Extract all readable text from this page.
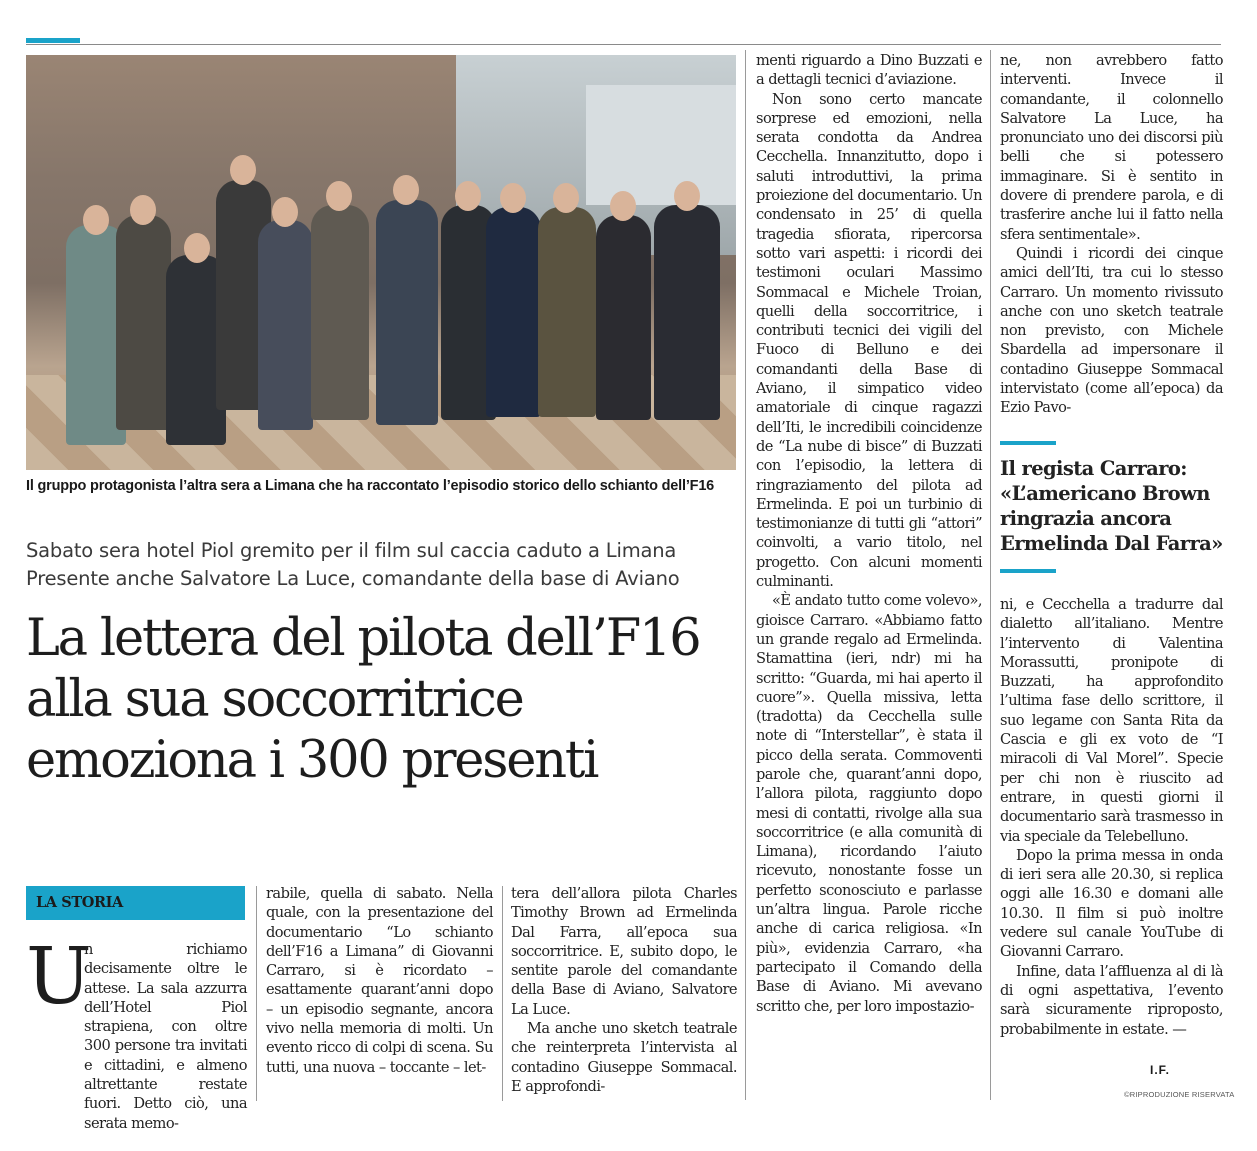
Il gruppo protagonista l’altra sera a Limana che ha raccontato l’episodio storico dello schianto dell’F16
Sabato sera hotel Piol gremito per il film sul caccia caduto a Limana
Presente anche Salvatore La Luce, comandante della base di Aviano
La lettera del pilota dell’F16
alla sua soccorritrice
emoziona i 300 presenti
LA STORIA
U

n richiamo decisamente oltre le attese. La sala azzurra dell’Hotel Piol strapiena, con oltre 300 persone tra invitati e cittadini, e almeno altrettante restate fuori. Detto ciò, una serata memo-

rabile, quella di sabato. Nella quale, con la presentazione del documentario “Lo schianto dell’F16 a Limana” di Giovanni Carraro, si è ricordato – esattamente quarant’anni dopo – un episodio segnante, ancora vivo nella memoria di molti. Un evento ricco di colpi di scena. Su tutti, una nuova – toccante – let-

tera dell’allora pilota Charles Timothy Brown ad Ermelinda Dal Farra, all’epoca sua soccorritrice. E, subito dopo, le sentite parole del comandante della Base di Aviano, Salvatore La Luce.

Ma anche uno sketch teatrale che reinterpreta l’intervista al contadino Giuseppe Sommacal. E approfondi-

menti riguardo a Dino Buzzati e a dettagli tecnici d’aviazione.

Non sono certo mancate sorprese ed emozioni, nella serata condotta da Andrea Cecchella. Innanzitutto, dopo i saluti introduttivi, la prima proiezione del documentario. Un condensato in 25’ di quella tragedia sfiorata, ripercorsa sotto vari aspetti: i ricordi dei testimoni oculari Massimo Sommacal e Michele Troian, quelli della soccorritrice, i contributi tecnici dei vigili del Fuoco di Belluno e dei comandanti della Base di Aviano, il simpatico video amatoriale di cinque ragazzi dell’Iti, le incredibili coincidenze de “La nube di bisce” di Buzzati con l’episodio, la lettera di ringraziamento del pilota ad Ermelinda. E poi un turbinio di testimonianze di tutti gli “attori” coinvolti, a vario titolo, nel progetto. Con alcuni momenti culminanti.

«È andato tutto come volevo», gioisce Carraro. «Abbiamo fatto un grande regalo ad Ermelinda. Stamattina (ieri, ndr) mi ha scritto: “Guarda, mi hai aperto il cuore”». Quella missiva, letta (tradotta) da Cecchella sulle note di “Interstellar”, è stata il picco della serata. Commoventi parole che, quarant’anni dopo, l’allora pilota, raggiunto dopo mesi di contatti, rivolge alla sua soccorritrice (e alla comunità di Limana), ricordando l’aiuto ricevuto, nonostante fosse un perfetto sconosciuto e parlasse un’altra lingua. Parole ricche anche di carica religiosa. «In più», evidenzia Carraro, «ha partecipato il Comando della Base di Aviano. Mi avevano scritto che, per loro impostazio-

ne, non avrebbero fatto interventi. Invece il comandante, il colonnello Salvatore La Luce, ha pronunciato uno dei discorsi più belli che si potessero immaginare. Si è sentito in dovere di prendere parola, e di trasferire anche lui il fatto nella sfera sentimentale».

Quindi i ricordi dei cinque amici dell’Iti, tra cui lo stesso Carraro. Un momento rivissuto anche con uno sketch teatrale non previsto, con Michele Sbardella ad impersonare il contadino Giuseppe Sommacal intervistato (come all’epoca) da Ezio Pavo-

Il regista Carraro: «L’americano Brown ringrazia ancora Ermelinda Dal Farra»

ni, e Cecchella a tradurre dal dialetto all’italiano. Mentre l’intervento di Valentina Morassutti, pronipote di Buzzati, ha approfondito l’ultima fase dello scrittore, il suo legame con Santa Rita da Cascia e gli ex voto de “I miracoli di Val Morel”. Specie per chi non è riuscito ad entrare, in questi giorni il documentario sarà trasmesso in via speciale da Telebelluno.

Dopo la prima messa in onda di ieri sera alle 20.30, si replica oggi alle 16.30 e domani alle 10.30. Il film si può inoltre vedere sul canale YouTube di Giovanni Carraro.

Infine, data l’affluenza al di là di ogni aspettativa, l’evento sarà sicuramente riproposto, probabilmente in estate. —

I.F.
©RIPRODUZIONE RISERVATA
